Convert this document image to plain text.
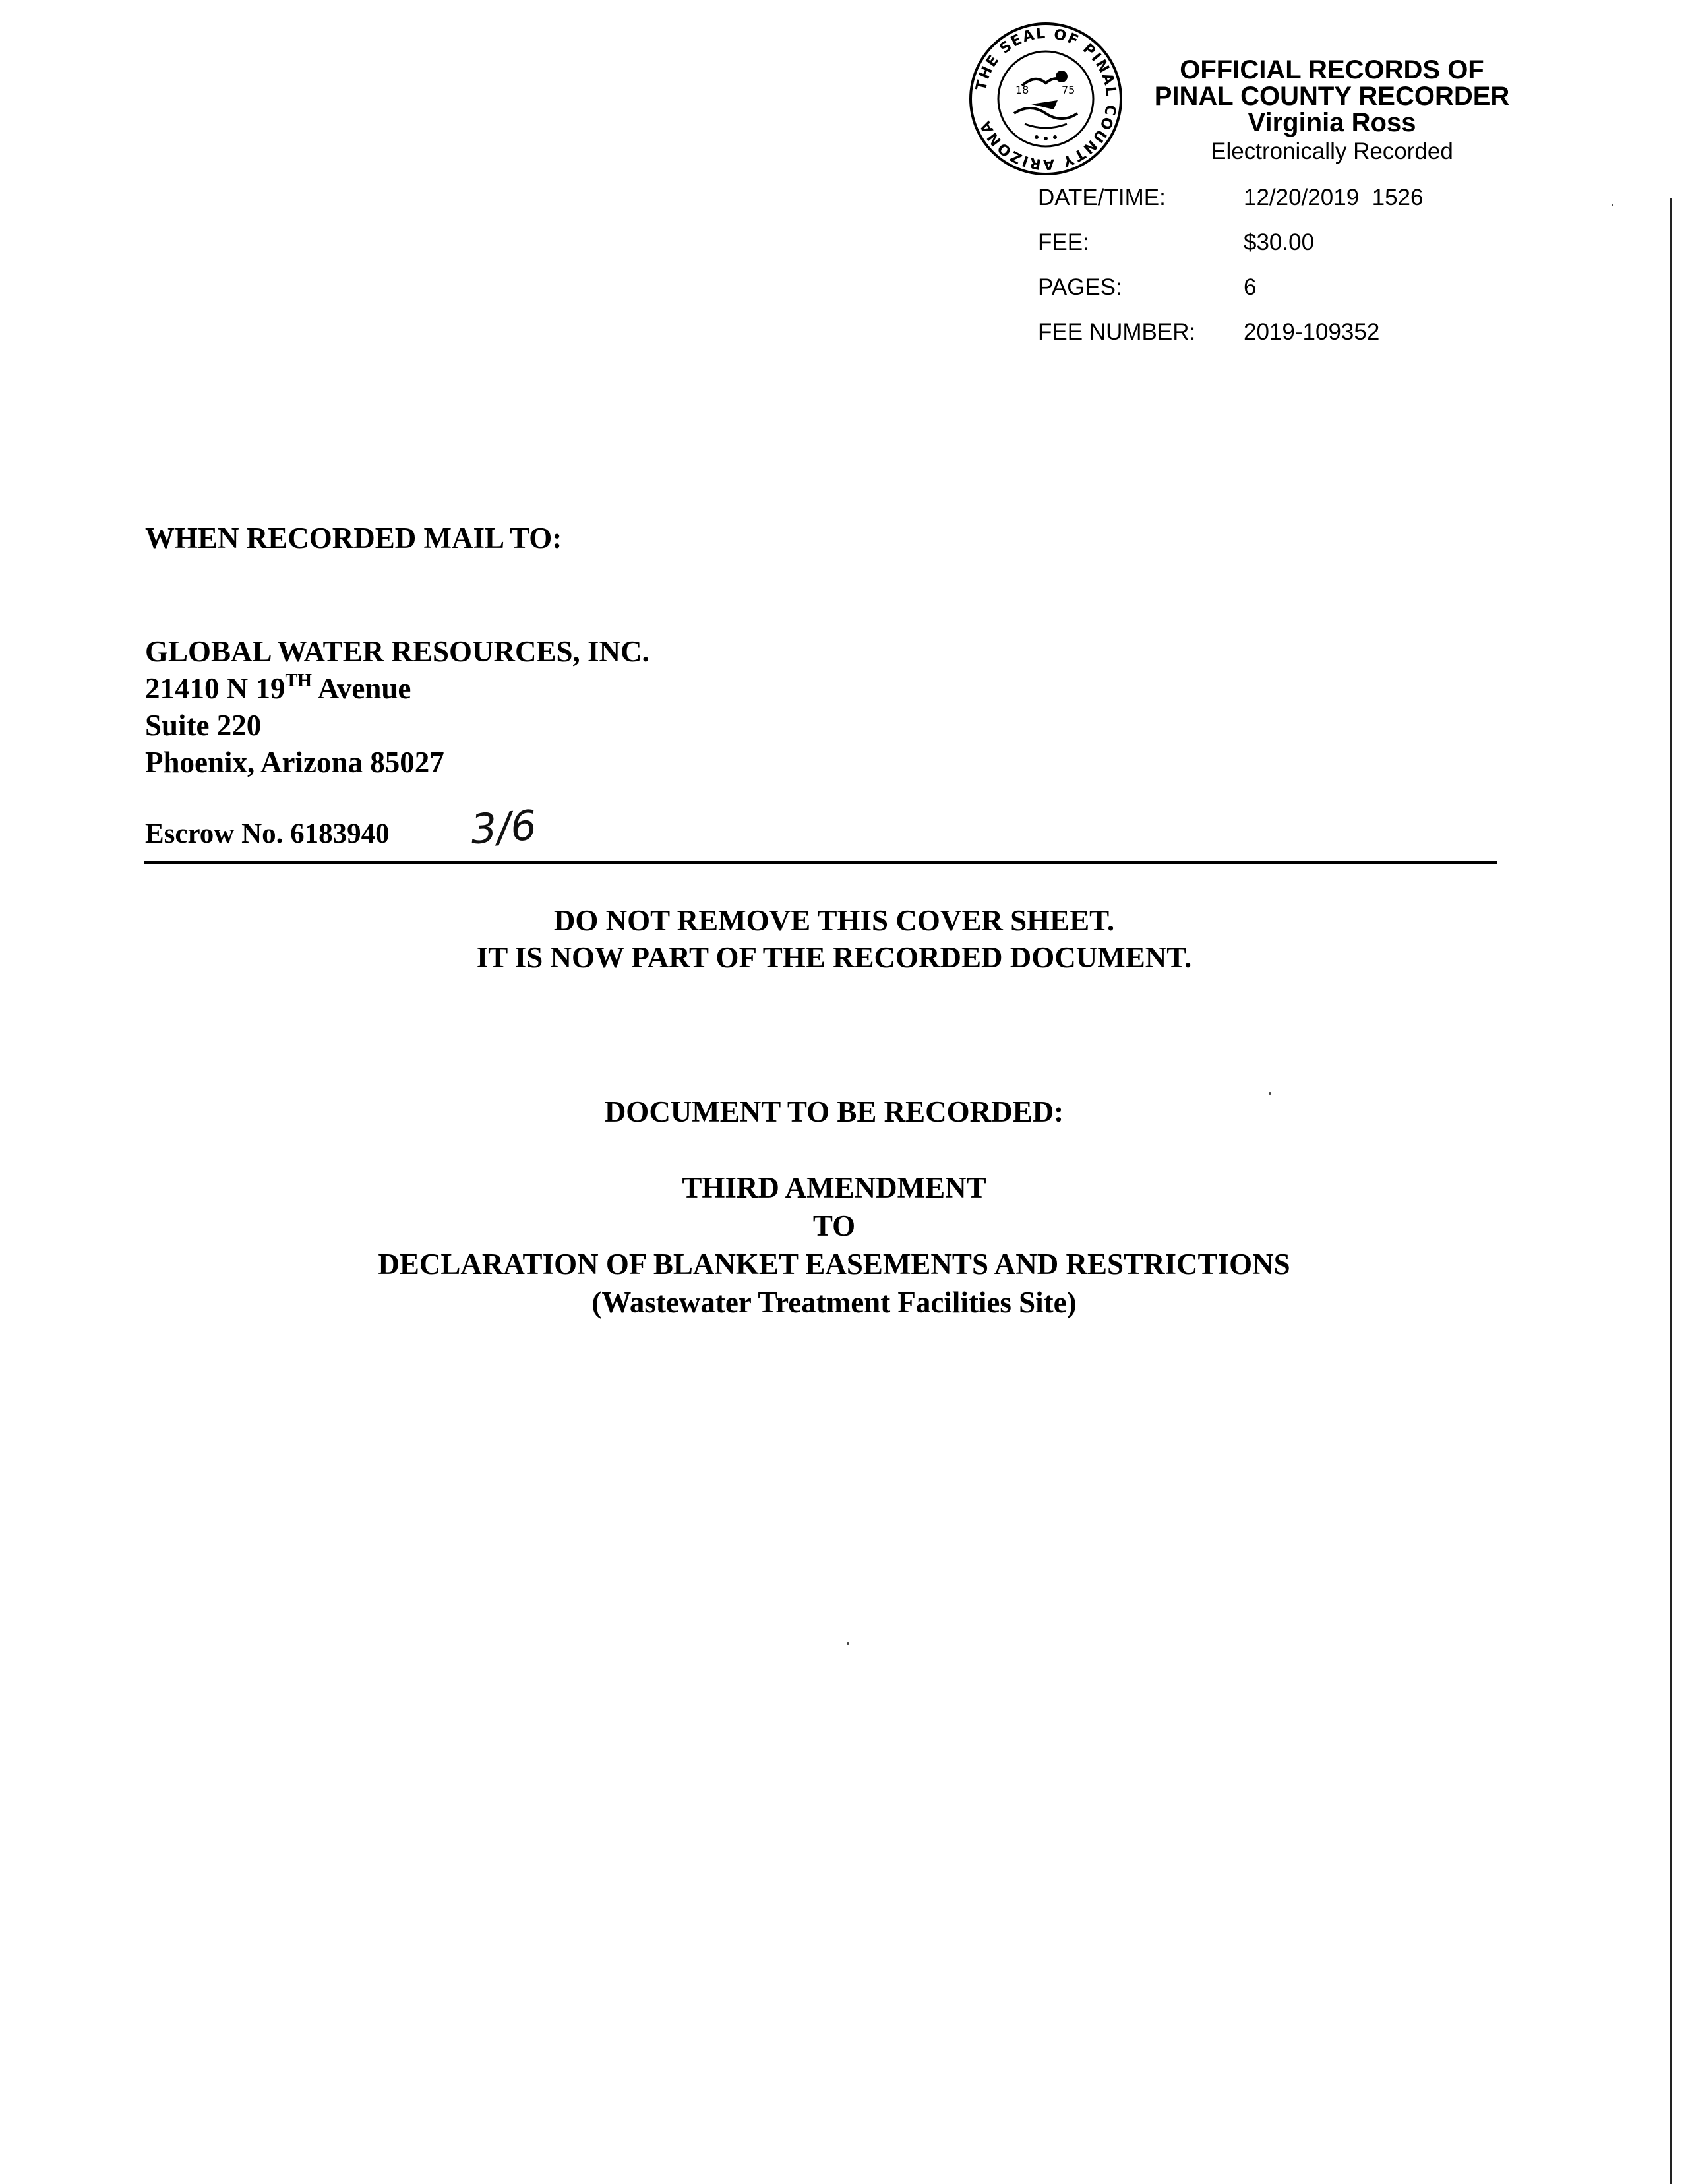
THE SEAL OF PINAL COUNTY ARIZONA
18	75
OFFICIAL RECORDS OF
PINAL COUNTY RECORDER
Virginia Ross
Electronically Recorded
DATE/TIME:	12/20/2019  1526
FEE:	$30.00
PAGES:	6
FEE NUMBER:	2019-109352
WHEN RECORDED MAIL TO:
GLOBAL WATER RESOURCES, INC.
21410 N 19TH Avenue
Suite 220
Phoenix, Arizona 85027
Escrow No. 6183940 3/6
DO NOT REMOVE THIS COVER SHEET.
IT IS NOW PART OF THE RECORDED DOCUMENT.
DOCUMENT TO BE RECORDED:
THIRD AMENDMENT
TO
DECLARATION OF BLANKET EASEMENTS AND RESTRICTIONS
(Wastewater Treatment Facilities Site)
